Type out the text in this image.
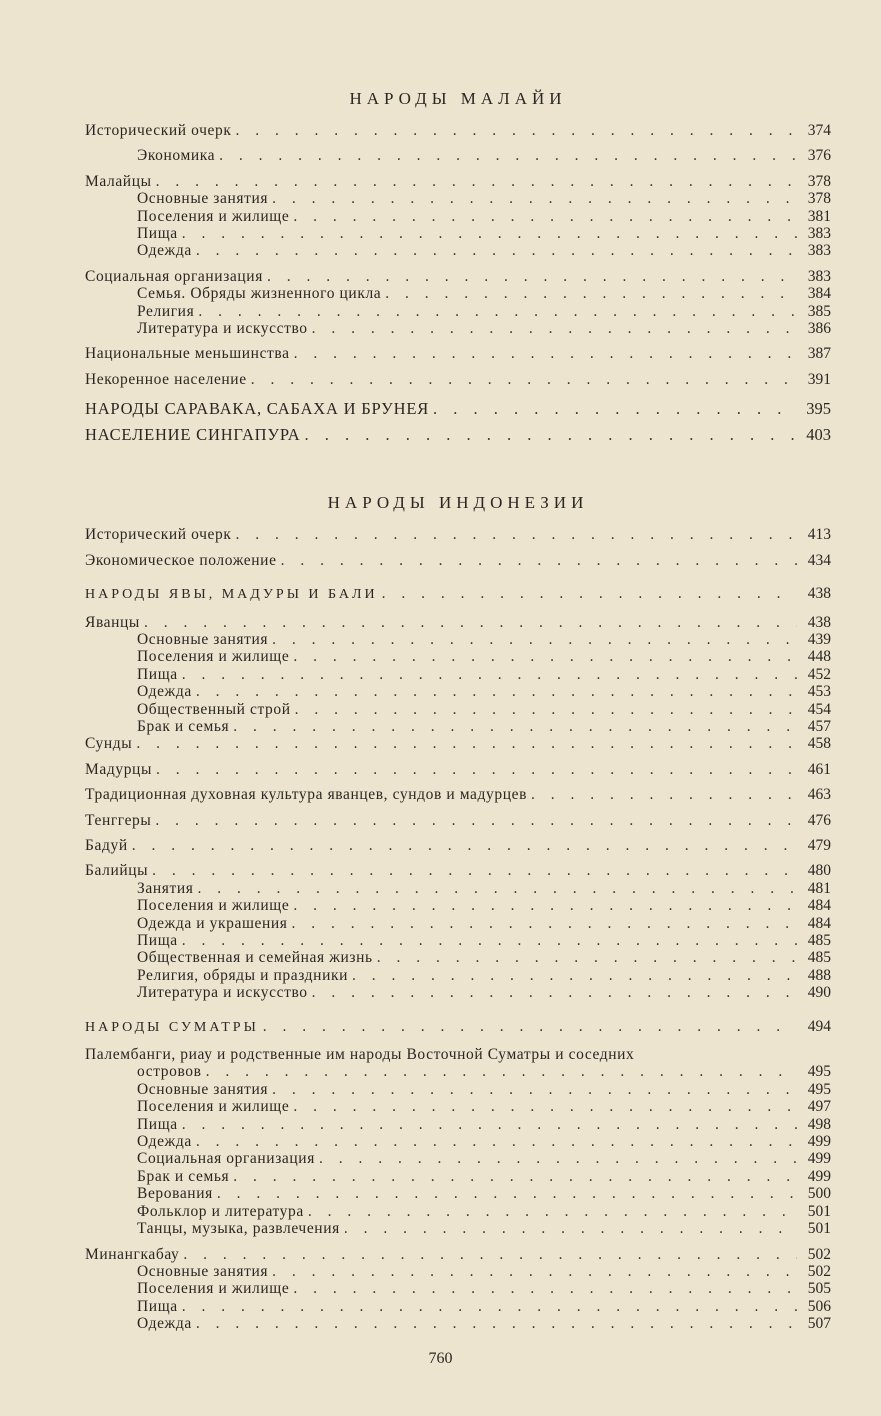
НАРОДЫ МАЛАЙИ
Исторический очерк . . .	374
Экономика . . .	376
Малайцы . . .	378
Основные занятия . . .	378
Поселения и жилище . . .	381
Пища . . .	383
Одежда . . .	383
Социальная организация . . .	383
Семья. Обряды жизненного цикла . . .	384
Религия . . .	385
Литература и искусство . . .	386
Национальные меньшинства . . .	387
Некоренное население . . .	391
НАРОДЫ САРАВАКА, САБАХА И БРУНЕЯ . . .	395
НАСЕЛЕНИЕ СИНГАПУРА . . .	403
НАРОДЫ ИНДОНЕЗИИ
Исторический очерк . . .	413
Экономическое положение . . .	434
НАРОДЫ ЯВЫ, МАДУРЫ И БАЛИ . . .	438
Яванцы . . .	438
Основные занятия . . .	439
Поселения и жилище . . .	448
Пища . . .	452
Одежда . . .	453
Общественный строй . . .	454
Брак и семья . . .	457
Сунды . . .	458
Мадурцы . . .	461
Традиционная духовная культура яванцев, сундов и мадурцев . . .	463
Тенггеры . . .	476
Бадуй . . .	479
Балийцы . . .	480
Занятия . . .	481
Поселения и жилище . . .	484
Одежда и украшения . . .	484
Пища . . .	485
Общественная и семейная жизнь . . .	485
Религия, обряды и праздники . . .	488
Литература и искусство . . .	490
НАРОДЫ СУМАТРЫ . . .	494
Палембанги, риау и родственные им народы Восточной Суматры и соседних
островов . . .	495
Основные занятия . . .	495
Поселения и жилище . . .	497
Пища . . .	498
Одежда . . .	499
Социальная организация . . .	499
Брак и семья . . .	499
Верования . . .	500
Фольклор и литература . . .	501
Танцы, музыка, развлечения . . .	501
Минангкабау . . .	502
Основные занятия . . .	502
Поселения и жилище . . .	505
Пища . . .	506
Одежда . . .	507
760
